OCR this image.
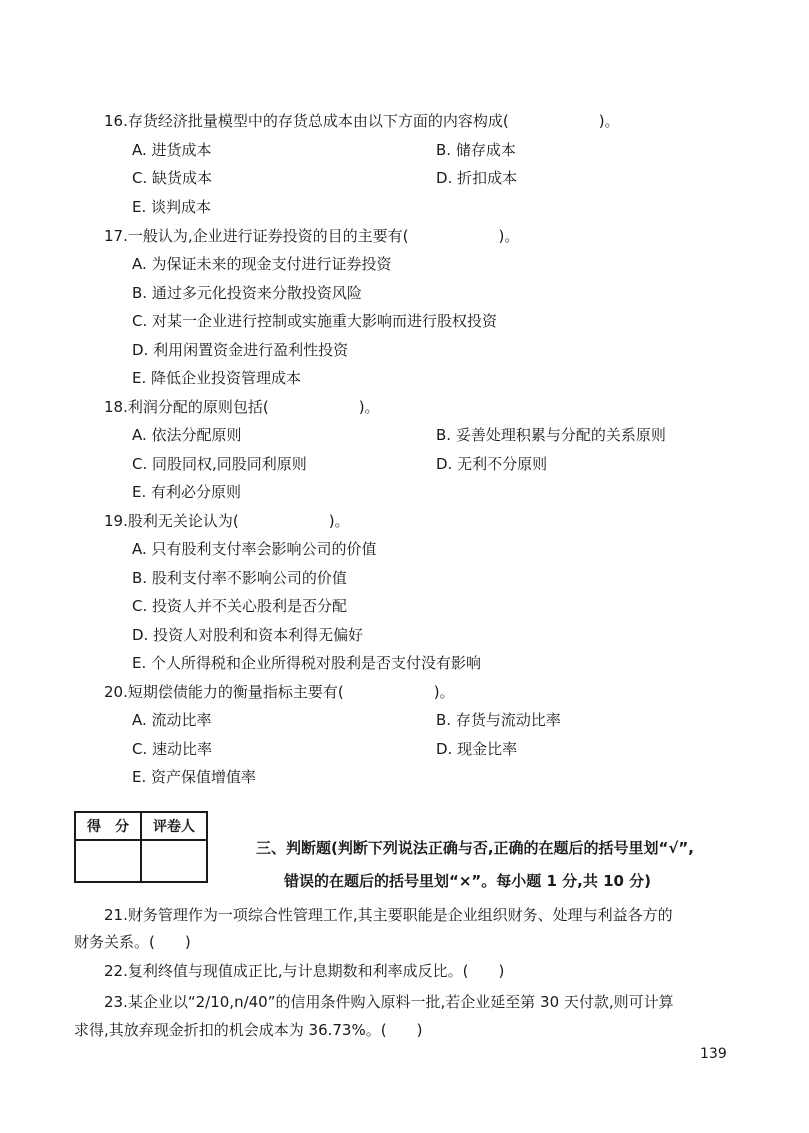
16.存货经济批量模型中的存货总成本由以下方面的内容构成(　　　　　　)。
A. 进货成本	B. 储存成本
C. 缺货成本	D. 折扣成本
E. 谈判成本
17.一般认为,企业进行证券投资的目的主要有(　　　　　　)。
A. 为保证未来的现金支付进行证券投资
B. 通过多元化投资来分散投资风险
C. 对某一企业进行控制或实施重大影响而进行股权投资
D. 利用闲置资金进行盈利性投资
E. 降低企业投资管理成本
18.利润分配的原则包括(　　　　　　)。
A. 依法分配原则	B. 妥善处理积累与分配的关系原则
C. 同股同权,同股同利原则	D. 无利不分原则
E. 有利必分原则
19.股利无关论认为(　　　　　　)。
A. 只有股利支付率会影响公司的价值
B. 股利支付率不影响公司的价值
C. 投资人并不关心股利是否分配
D. 投资人对股利和资本利得无偏好
E. 个人所得税和企业所得税对股利是否支付没有影响
20.短期偿债能力的衡量指标主要有(　　　　　　)。
A. 流动比率	B. 存货与流动比率
C. 速动比率	D. 现金比率
E. 资产保值增值率
得　分	评卷人

三、判断题(判断下列说法正确与否,正确的在题后的括号里划“√”,
错误的在题后的括号里划“×”。每小题 1 分,共 10 分)
21.财务管理作为一项综合性管理工作,其主要职能是企业组织财务、处理与利益各方的
财务关系。(　　)
22.复利终值与现值成正比,与计息期数和利率成反比。(　　)
23.某企业以“2/10,n/40”的信用条件购入原料一批,若企业延至第 30 天付款,则可计算
求得,其放弃现金折扣的机会成本为 36.73%。(　　)
139
